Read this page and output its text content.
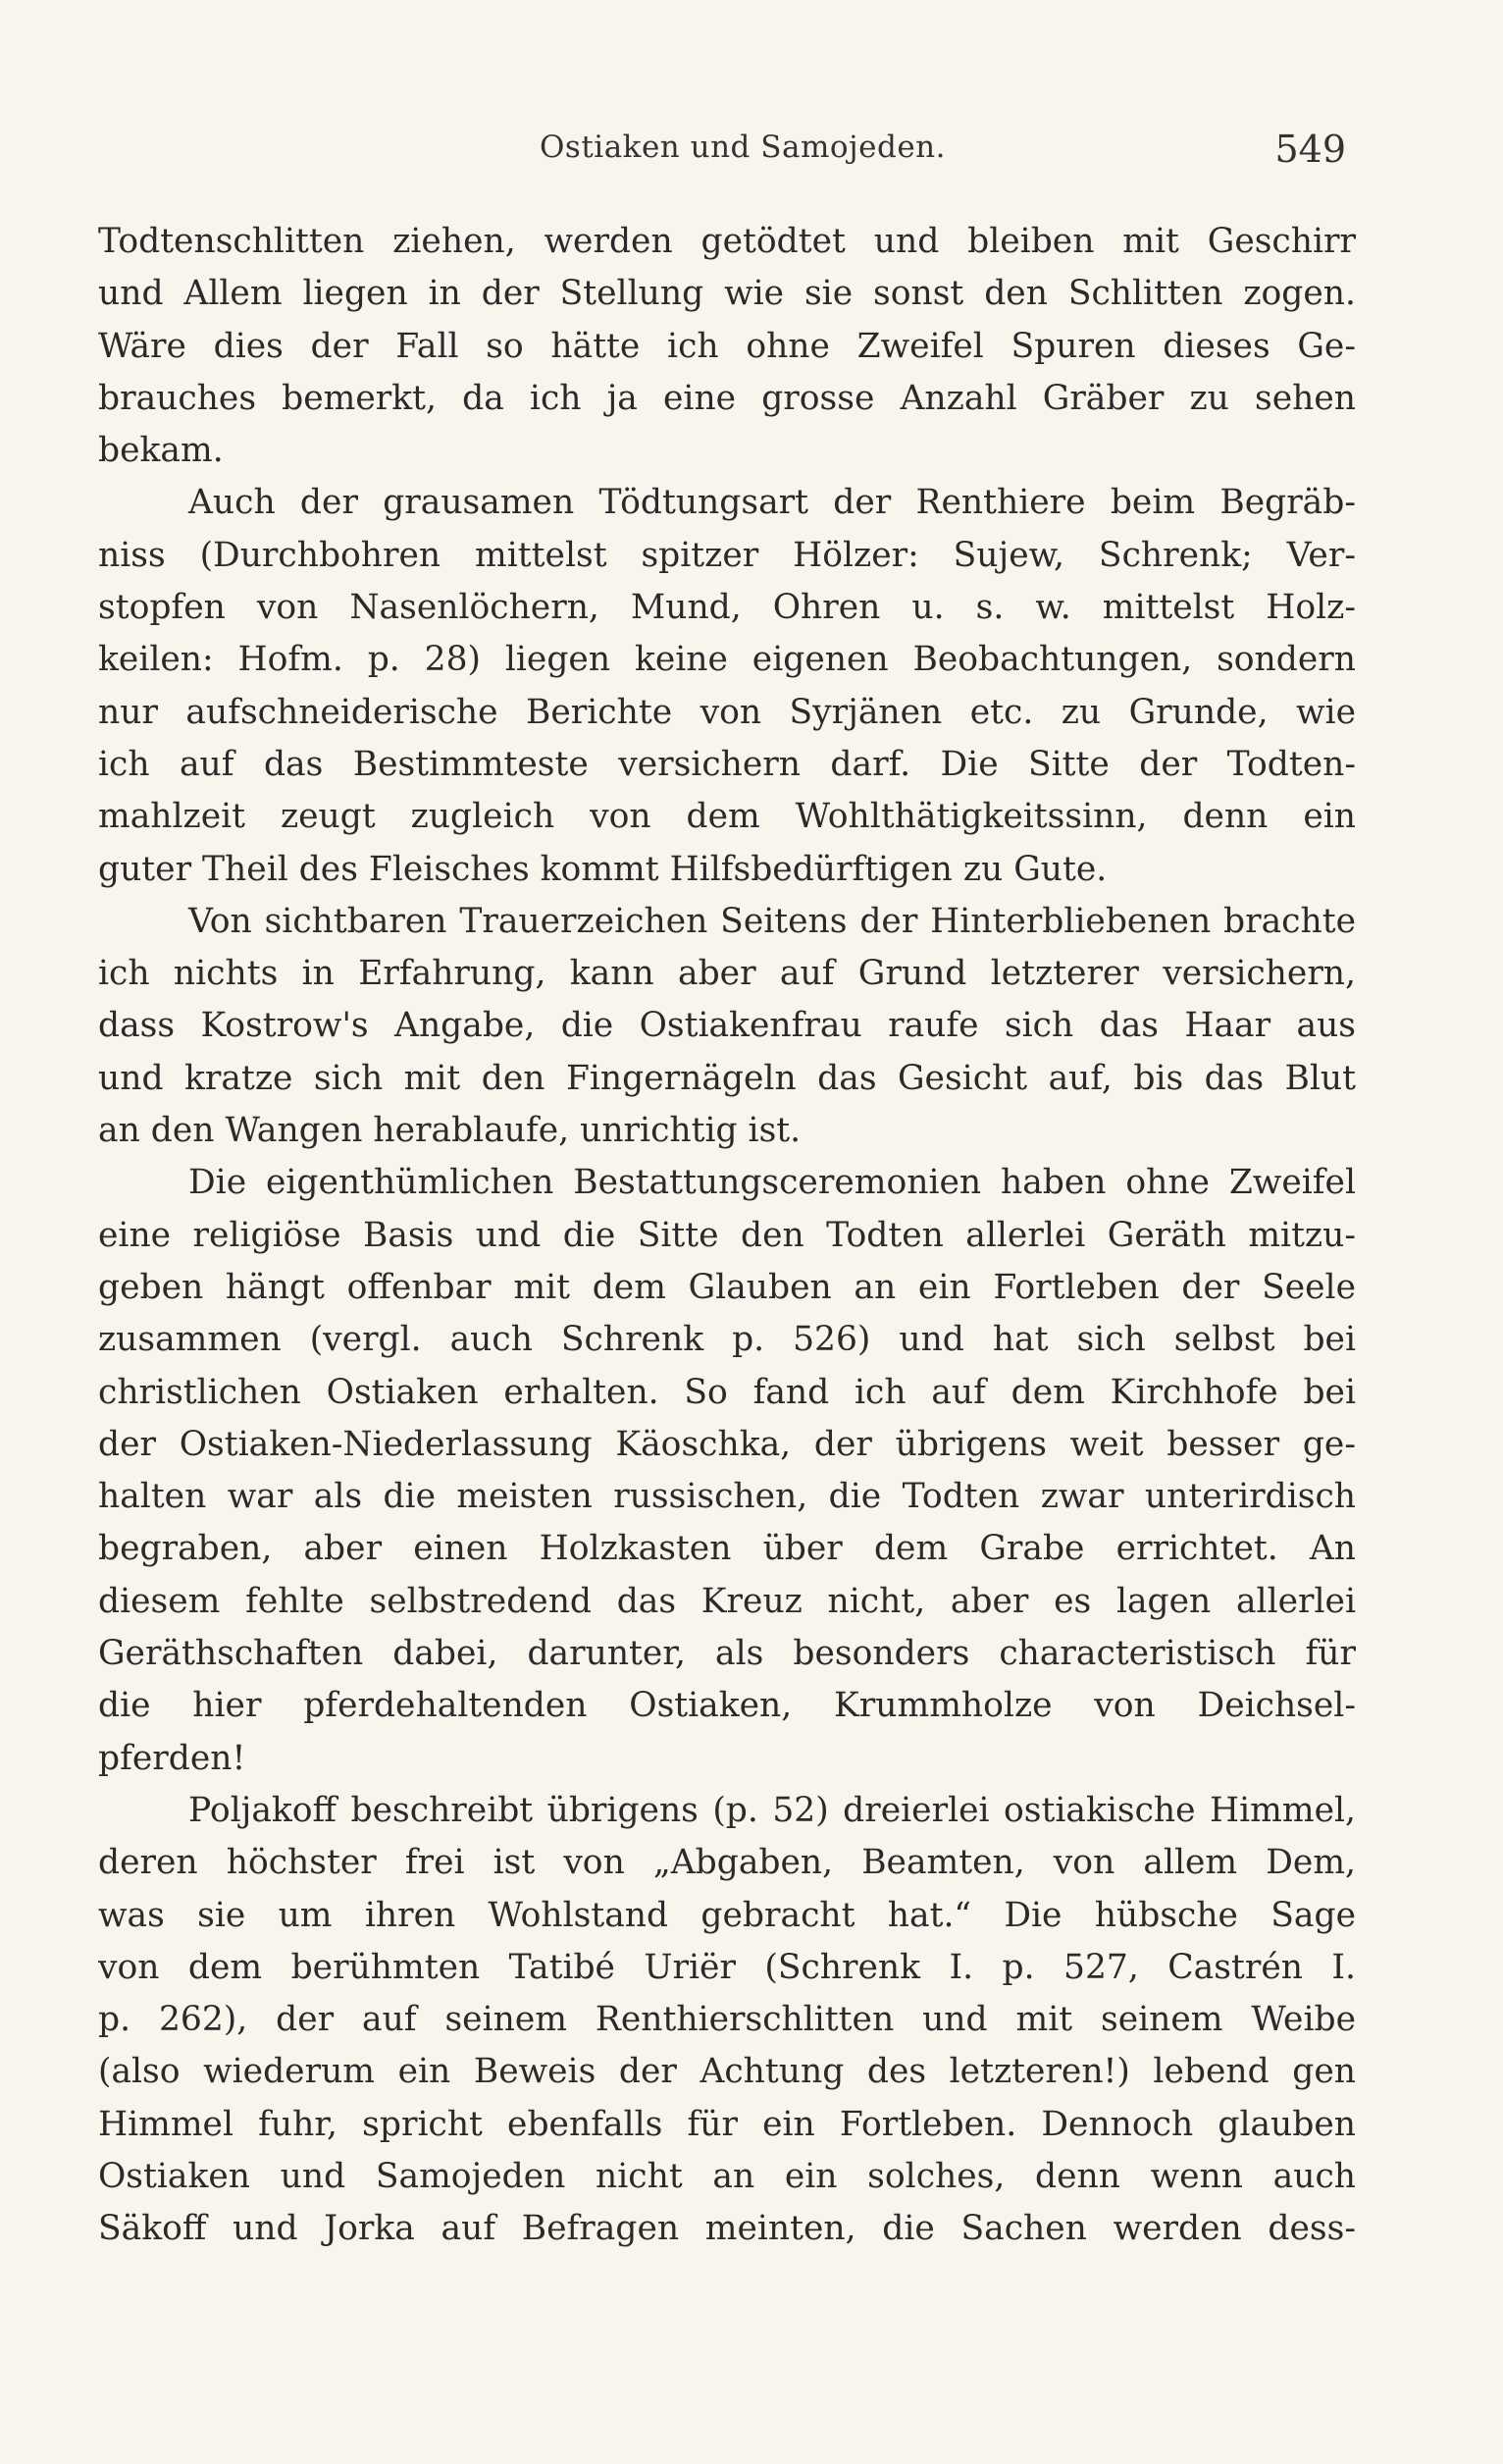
Ostiaken und Samojeden.	549
Todtenschlitten ziehen, werden getödtet und bleiben mit Geschirr
und Allem liegen in der Stellung wie sie sonst den Schlitten zogen.
Wäre dies der Fall so hätte ich ohne Zweifel Spuren dieses Ge-
brauches bemerkt, da ich ja eine grosse Anzahl Gräber zu sehen
bekam.
Auch der grausamen Tödtungsart der Renthiere beim Begräb-
niss (Durchbohren mittelst spitzer Hölzer: Sujew, Schrenk; Ver-
stopfen von Nasenlöchern, Mund, Ohren u. s. w. mittelst Holz-
keilen: Hofm. p. 28) liegen keine eigenen Beobachtungen, sondern
nur aufschneiderische Berichte von Syrjänen etc. zu Grunde, wie
ich auf das Bestimmteste versichern darf. Die Sitte der Todten-
mahlzeit zeugt zugleich von dem Wohlthätigkeitssinn, denn ein
guter Theil des Fleisches kommt Hilfsbedürftigen zu Gute.
Von sichtbaren Trauerzeichen Seitens der Hinterbliebenen brachte
ich nichts in Erfahrung, kann aber auf Grund letzterer versichern,
dass Kostrow's Angabe, die Ostiakenfrau raufe sich das Haar aus
und kratze sich mit den Fingernägeln das Gesicht auf, bis das Blut
an den Wangen herablaufe, unrichtig ist.
Die eigenthümlichen Bestattungsceremonien haben ohne Zweifel
eine religiöse Basis und die Sitte den Todten allerlei Geräth mitzu-
geben hängt offenbar mit dem Glauben an ein Fortleben der Seele
zusammen (vergl. auch Schrenk p. 526) und hat sich selbst bei
christlichen Ostiaken erhalten. So fand ich auf dem Kirchhofe bei
der Ostiaken-Niederlassung Käoschka, der übrigens weit besser ge-
halten war als die meisten russischen, die Todten zwar unterirdisch
begraben, aber einen Holzkasten über dem Grabe errichtet. An
diesem fehlte selbstredend das Kreuz nicht, aber es lagen allerlei
Geräthschaften dabei, darunter, als besonders characteristisch für
die hier pferdehaltenden Ostiaken, Krummholze von Deichsel-
pferden!
Poljakoff beschreibt übrigens (p. 52) dreierlei ostiakische Himmel,
deren höchster frei ist von „Abgaben, Beamten, von allem Dem,
was sie um ihren Wohlstand gebracht hat.“ Die hübsche Sage
von dem berühmten Tatibé Uriër (Schrenk I. p. 527, Castrén I.
p. 262), der auf seinem Renthierschlitten und mit seinem Weibe
(also wiederum ein Beweis der Achtung des letzteren!) lebend gen
Himmel fuhr, spricht ebenfalls für ein Fortleben. Dennoch glauben
Ostiaken und Samojeden nicht an ein solches, denn wenn auch
Säkoff und Jorka auf Befragen meinten, die Sachen werden dess-
